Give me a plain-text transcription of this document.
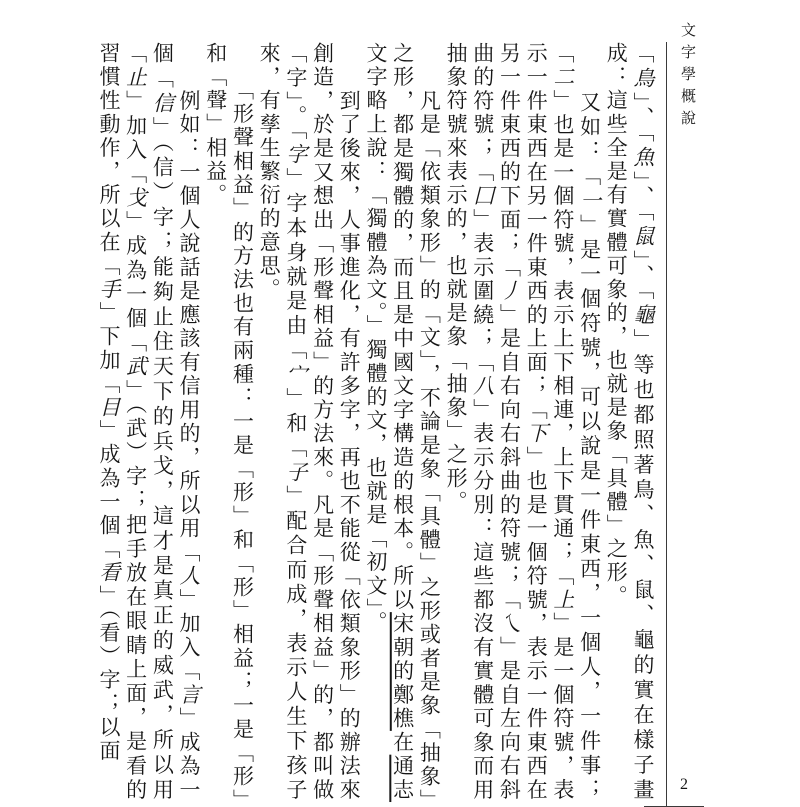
文字學概說
2

「鳥」、「魚」、「鼠」、「龜」等也都照著鳥、魚、鼠、龜的實在樣子畫成：這些全是有實體可象的，也就是象「具體」之形。

　　又如：「一」是一個符號，可以說是一件東西，一個人，一件事；「二」也是一個符號，表示上下相連，上下貫通；「上」是一個符號，表示一件東西在另一件東西的上面；「下」也是一個符號，表示一件東西在另一件東西的下面；「丿」是自右向右斜曲的符號；「乀」是自左向右斜曲的符號；「囗」表示圍繞；「八」表示分別：這些都沒有實體可象而用抽象符號來表示的，也就是象「抽象」之形。

　　凡是「依類象形」的「文」，不論是象「具體」之形或者是象「抽象」之形，都是獨體的，而且是中國文字構造的根本。所以宋朝的鄭樵在通志文字略上說：「獨體為文。」獨體的文，也就是「初文」。

　　到了後來，人事進化，有許多字，再也不能從「依類象形」的辦法來創造，於是又想出「形聲相益」的方法來。凡是「形聲相益」的，都叫做「字」。「字」字本身就是由「宀」和「子」配合而成，表示人生下孩子來，有孳生繁衍的意思。

　　「形聲相益」的方法也有兩種：一是「形」和「形」相益；一是「形」和「聲」相益。

　　例如：一個人說話是應該有信用的，所以用「人」加入「言」成為一個「信」（信）字；能夠止住天下的兵戈，這才是真正的威武，所以用「止」加入「戈」成為一個「武」（武）字；把手放在眼睛上面，是看的習慣性動作，所以在「手」下加「目」成為一個「看」（看）字；以面
